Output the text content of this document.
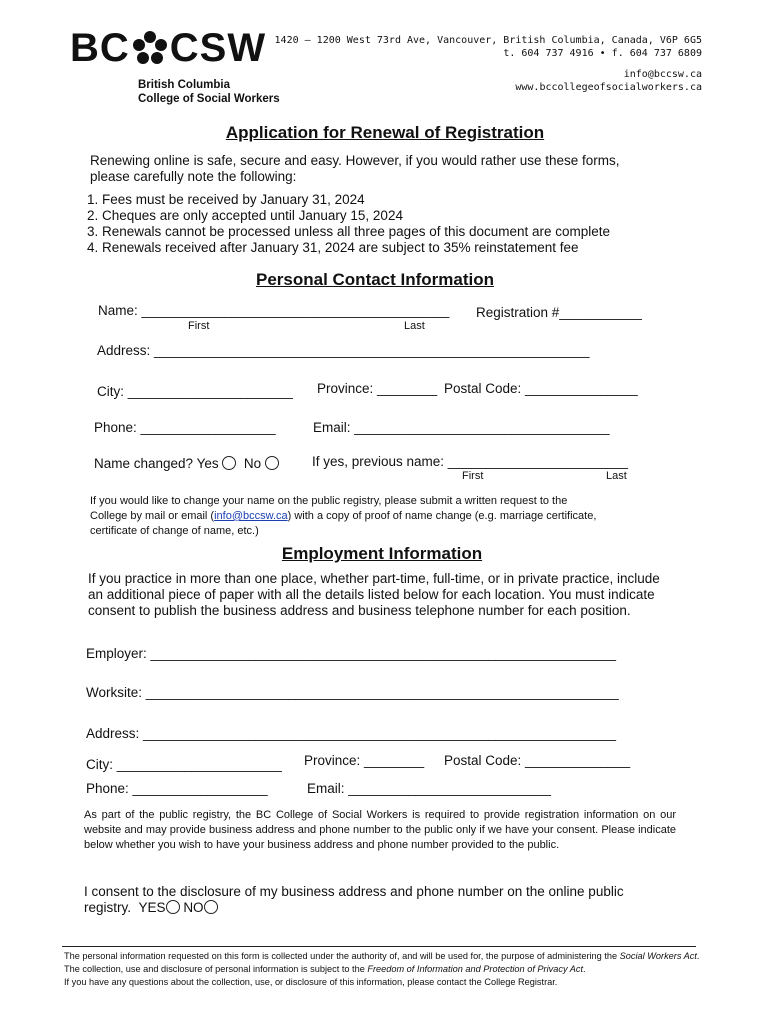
BC CSW
British Columbia
College of Social Workers
1420 – 1200 West 73rd Ave, Vancouver, British Columbia, Canada, V6P 6G5
t. 604 737 4916 • f. 604 737 6809
info@bccsw.ca
www.bccollegeofsocialworkers.ca
Application for Renewal of Registration
Renewing online is safe, secure and easy. However, if you would rather use these forms, please carefully note the following:
1. Fees must be received by January 31, 2024
2. Cheques are only accepted until January 15, 2024
3. Renewals cannot be processed unless all three pages of this document are complete
4. Renewals received after January 31, 2024 are subject to 35% reinstatement fee
Personal Contact Information
Name: _________________________________________ Registration #___________
First	Last
Address: __________________________________________________________
City: ______________________ Province: ________ Postal Code: _______________
Phone: __________________	Email: __________________________________
Name changed? Yes No	If yes, previous name: ________________________
First	Last
If you would like to change your name on the public registry, please submit a written request to the
College by mail or email (info@bccsw.ca) with a copy of proof of name change (e.g. marriage certificate,
certificate of change of name, etc.)
Employment Information
If you practice in more than one place, whether part-time, full-time, or in private practice, include an additional piece of paper with all the details listed below for each location. You must indicate consent to publish the business address and business telephone number for each position.
Employer: ______________________________________________________________
Worksite: _______________________________________________________________
Address: _______________________________________________________________
City: ______________________ Province: ________ Postal Code: ______________
Phone: __________________	Email: ___________________________
As part of the public registry, the BC College of Social Workers is required to provide registration information on our website and may provide business address and phone number to the public only if we have your consent. Please indicate below whether you wish to have your business address and phone number provided to the public.
I consent to the disclosure of my business address and phone number on the online public registry. YES NO
The personal information requested on this form is collected under the authority of, and will be used for, the purpose of administering the Social Workers Act. The collection, use and disclosure of personal information is subject to the Freedom of Information and Protection of Privacy Act.
If you have any questions about the collection, use, or disclosure of this information, please contact the College Registrar.
